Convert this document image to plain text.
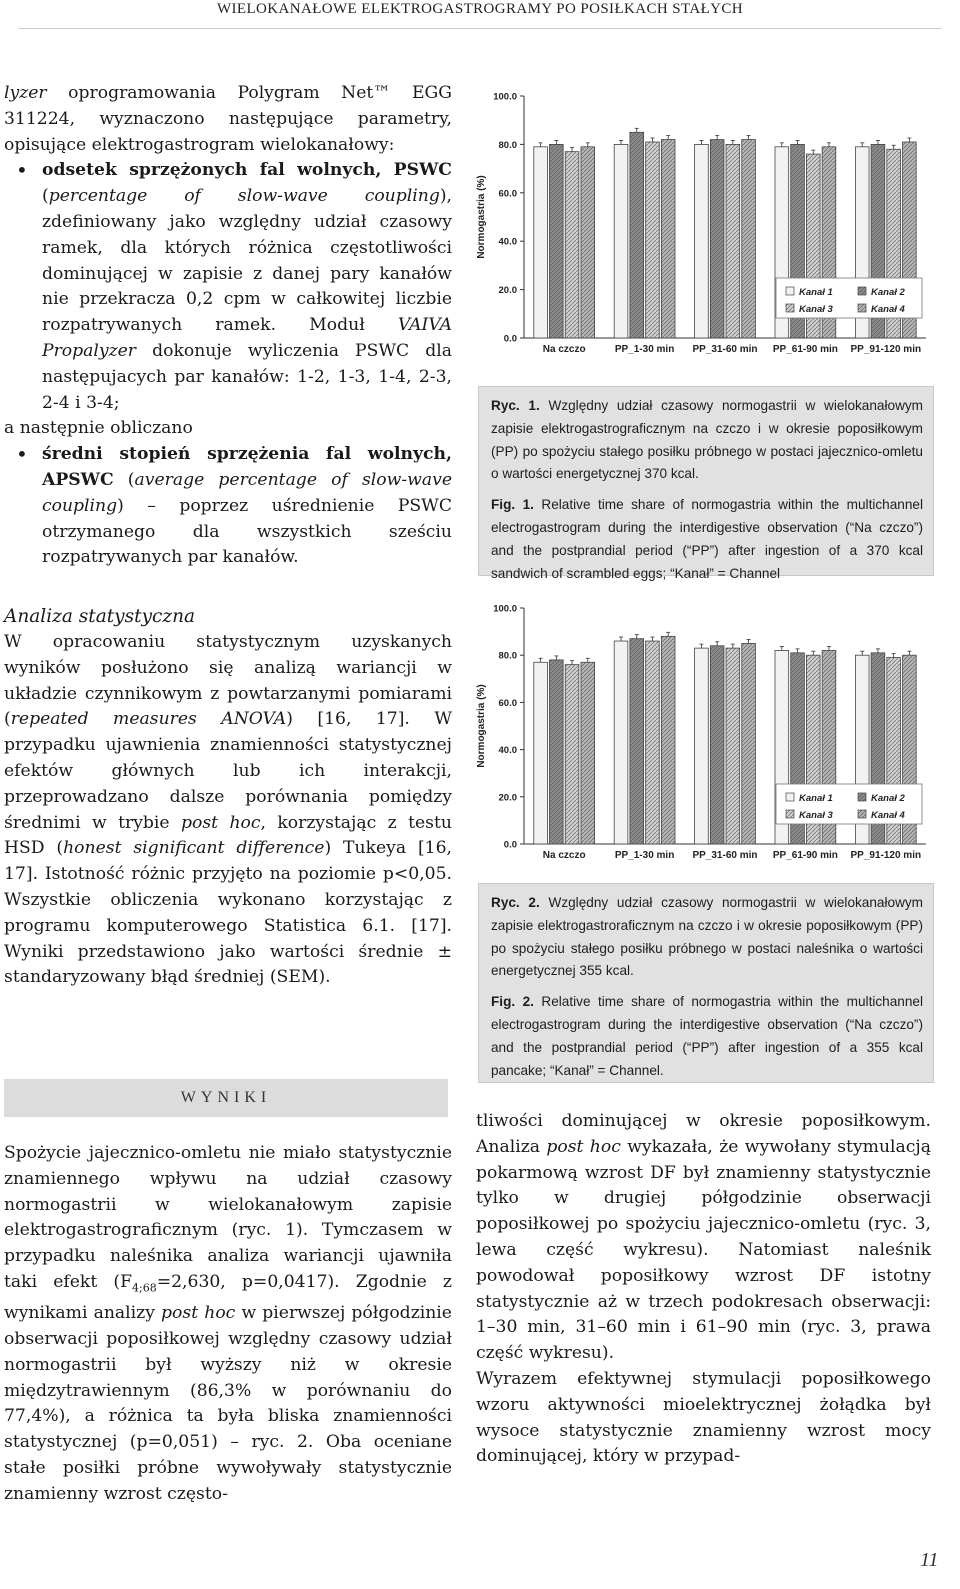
WIELOKANAŁOWE ELEKTROGASTROGRAMY PO POSIŁKACH STAŁYCH

lyzer oprogramowania Polygram Net™ EGG 311224, wyznaczono następujące parametry, opisujące elektrogastrogram wielokanałowy:

• odsetek sprzężonych fal wolnych, PSWC (percentage of slow-wave coupling), zdefiniowany jako względny udział czasowy ramek, dla których różnica częstotliwości dominującej w zapisie z danej pary kanałów nie przekracza 0,2 cpm w całkowitej liczbie rozpatrywanych ramek. Moduł VAIVA Propalyzer dokonuje wyliczenia PSWC dla następujacych par kanałów: 1-2, 1-3, 1-4, 2-3, 2-4 i 3-4;

a następnie obliczano

• średni stopień sprzężenia fal wolnych, APSWC (average percentage of slow-wave coupling) – poprzez uśrednienie PSWC otrzymanego dla wszystkich sześciu rozpatrywanych par kanałów.

Analiza statystyczna

W opracowaniu statystycznym uzyskanych wyników posłużono się analizą wariancji w układzie czynnikowym z powtarzanymi pomiarami (repeated measures ANOVA) [16, 17]. W przypadku ujawnienia znamienności statystycznej efektów głównych lub ich interakcji, przeprowadzano dalsze porównania pomiędzy średnimi w trybie post hoc, korzystając z testu HSD (honest significant difference) Tukeya [16, 17]. Istotność różnic przyjęto na poziomie p<0,05. Wszystkie obliczenia wykonano korzystając z programu komputerowego Statistica 6.1. [17]. Wyniki przedstawiono jako wartości średnie ± standaryzowany błąd średniej (SEM).

WYNIKI

Spożycie jajecznico-omletu nie miało statystycznie znamiennego wpływu na udział czasowy normogastrii w wielokanałowym zapisie elektrogastrograficznym (ryc. 1). Tymczasem w przypadku naleśnika analiza wariancji ujawniła taki efekt ($F_{4;68}=2,630$, p=0,0417). Zgodnie z wynikami analizy post hoc w pierwszej półgodzinie obserwacji poposiłkowej względny czasowy udział normogastrii był wyższy niż w okresie międzytrawiennym (86,3% w porównaniu do 77,4%), a różnica ta była bliska znamienności statystycznej (p=0,051) – ryc. 2. Oba oceniane stałe posiłki próbne wywoływały statystycznie znamienny wzrost często-

0.0
20.0
40.0
60.0
80.0
100.0
Normogastria (%)
Na czczo	PP_1-30 min PP_31-60 min PP_61-90 min PP_91-120 min
Kanał 1	Kanał 2
Kanał 3	Kanał 4

Ryc. 1. Względny udział czasowy normogastrii w wielokanałowym zapisie elektrogastrograficznym na czczo i w okresie poposiłkowym (PP) po spożyciu stałego posiłku próbnego w postaci jajecznico-omletu o wartości energetycznej 370 kcal.

Fig. 1. Relative time share of normogastria within the multichannel electrogastrogram during the interdigestive observation (“Na czczo”) and the postprandial period (“PP”) after ingestion of a 370 kcal sandwich of scrambled eggs; “Kanał” = Channel

0.0
20.0
40.0
60.0
80.0
100.0
Normogastria (%)
Na czczo	PP_1-30 min PP_31-60 min PP_61-90 min PP_91-120 min
Kanał 1	Kanał 2
Kanał 3	Kanał 4

Ryc. 2. Względny udział czasowy normogastrii w wielokanałowym zapisie elektrogastroraficznym na czczo i w okresie poposiłkowym (PP) po spożyciu stałego posiłku próbnego w postaci naleśnika o wartości energetycznej 355 kcal.

Fig. 2. Relative time share of normogastria within the multichannel electrogastrogram during the interdigestive observation (“Na czczo”) and the postprandial period (“PP”) after ingestion of a 355 kcal pancake; “Kanał” = Channel.

tliwości dominującej w okresie poposiłkowym. Analiza post hoc wykazała, że wywołany stymulacją pokarmową wzrost DF był znamienny statystycznie tylko w drugiej półgodzinie obserwacji poposiłkowej po spożyciu jajecznico-omletu (ryc. 3, lewa część wykresu). Natomiast naleśnik powodował poposiłkowy wzrost DF istotny statystycznie aż w trzech podokresach obserwacji: 1–30 min, 31–60 min i 61–90 min (ryc. 3, prawa część wykresu).

Wyrazem efektywnej stymulacji poposiłkowego wzoru aktywności mioelektrycznej żołądka był wysoce statystycznie znamienny wzrost mocy dominującej, który w przypad-

11
